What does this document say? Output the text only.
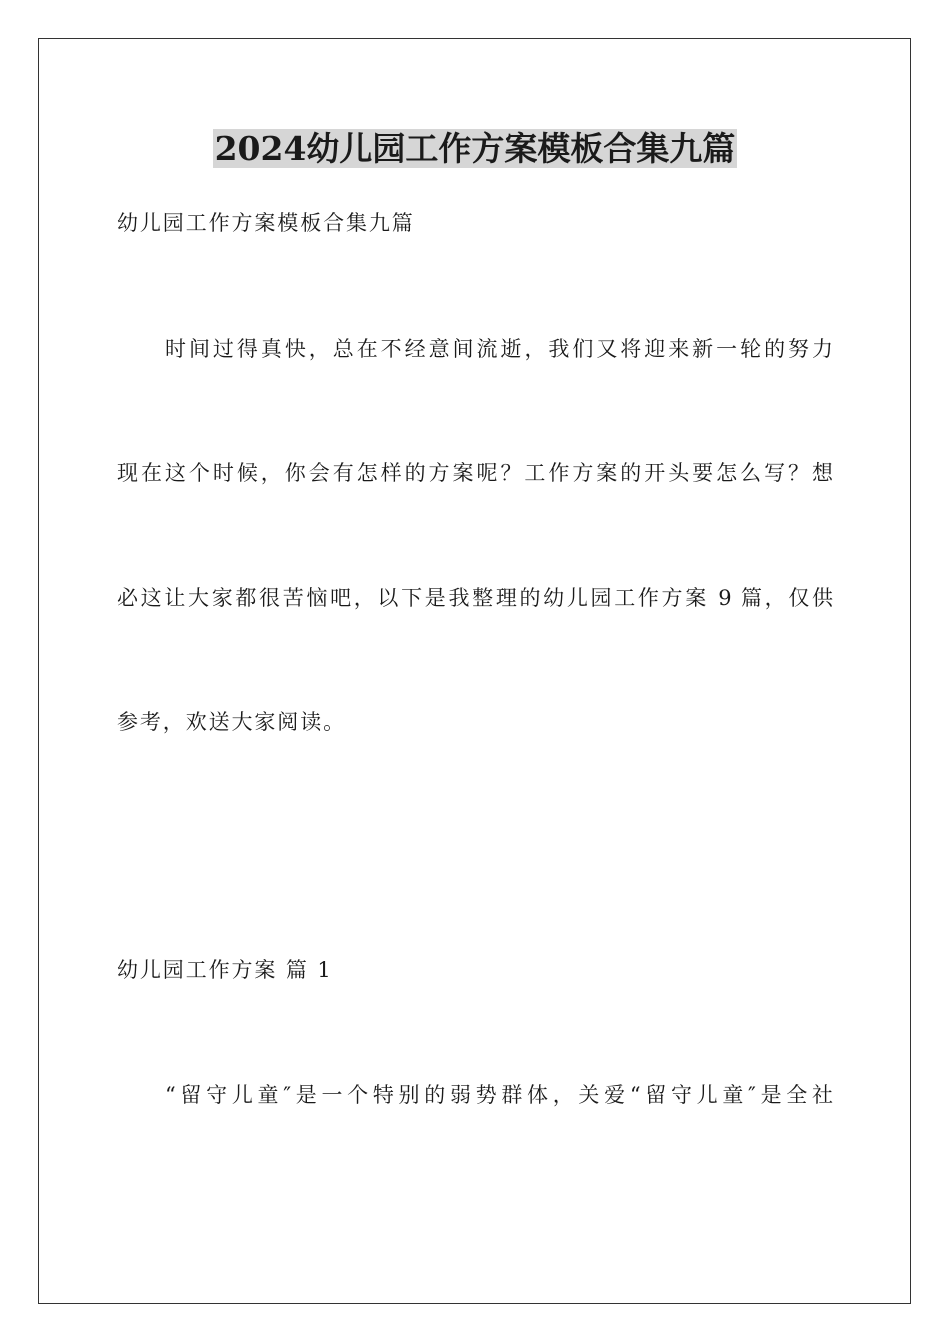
2024幼儿园工作方案模板合集九篇
幼儿园工作方案模板合集九篇
时间过得真快，总在不经意间流逝，我们又将迎来新一轮的努力
现在这个时候，你会有怎样的方案呢？工作方案的开头要怎么写？想
必这让大家都很苦恼吧，以下是我整理的幼儿园工作方案 9 篇，仅供
参考，欢送大家阅读。
幼儿园工作方案 篇 1
“留守儿童″是一个特别的弱势群体，关爱“留守儿童″是全社
